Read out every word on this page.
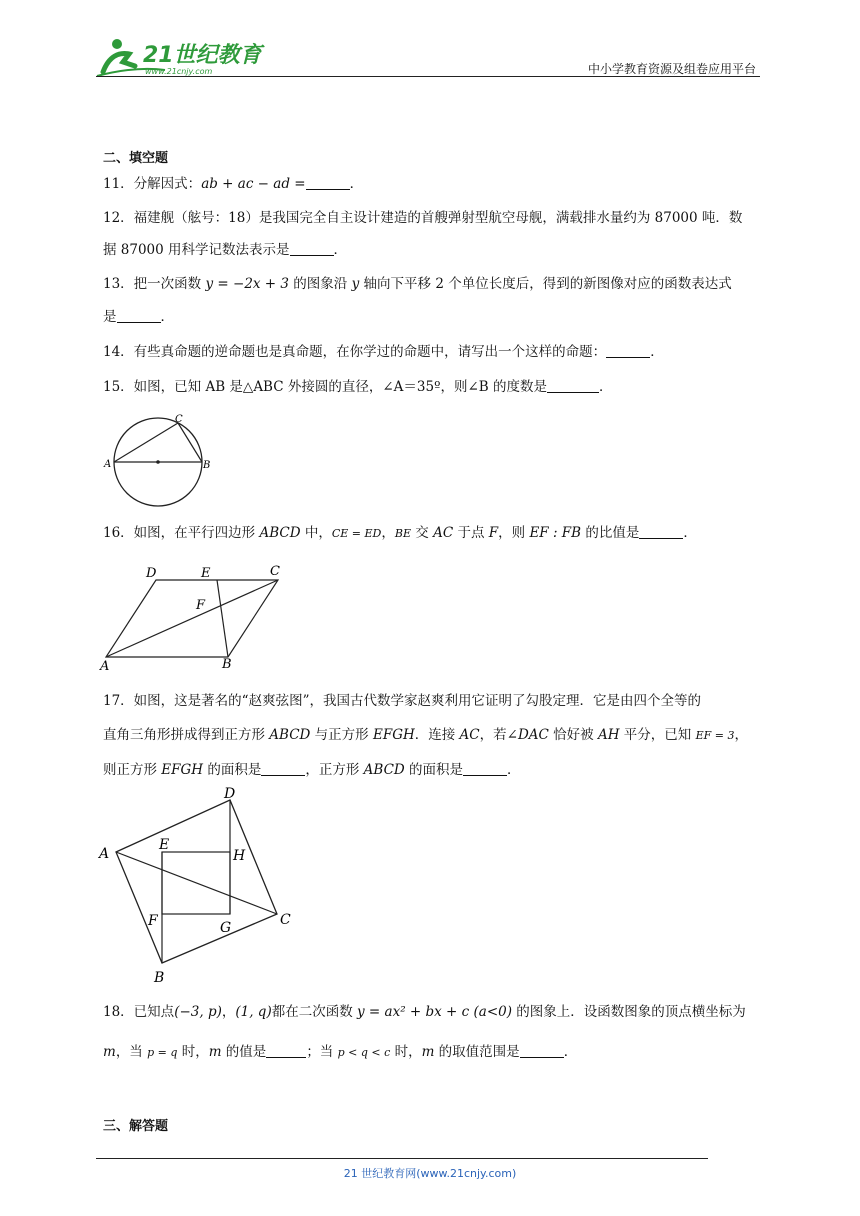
21世纪教育
www.21cnjy.com	中小学教育资源及组卷应用平台
二、填空题
11．分解因式：ab + ac − ad =	．
12．福建舰（舷号：18）是我国完全自主设计建造的首艘弹射型航空母舰，满载排水量约为 87000 吨．数
据 87000 用科学记数法表示是	．
13．把一次函数 y = −2x + 3 的图象沿 y 轴向下平移 2 个单位长度后，得到的新图像对应的函数表达式
是	．
14．有些真命题的逆命题也是真命题，在你学过的命题中，请写出一个这样的命题：	．
15．如图，已知 AB 是△ABC 外接圆的直径，∠A＝35º，则∠B 的度数是	．
A	B
C
16．如图，在平行四边形 ABCD 中，CE = ED，BE 交 AC 于点 F，则 EF : FB 的比值是	．
A	B
C
D	E
F
17．如图，这是著名的“赵爽弦图”，我国古代数学家赵爽利用它证明了勾股定理．它是由四个全等的
直角三角形拼成得到正方形 ABCD 与正方形 EFGH．连接 AC，若∠DAC 恰好被 AH 平分，已知 EF = 3，
则正方形 EFGH 的面积是	，正方形 ABCD 的面积是	．
A
B
C
D
E
F	G
H
18．已知点(−3, p)，(1, q)都在二次函数 y = ax² + bx + c (a<0) 的图象上．设函数图象的顶点横坐标为
m，当 p = q 时，m 的值是	；当 p < q < c 时，m 的取值范围是	．
三、解答题
21 世纪教育网(www.21cnjy.com)
